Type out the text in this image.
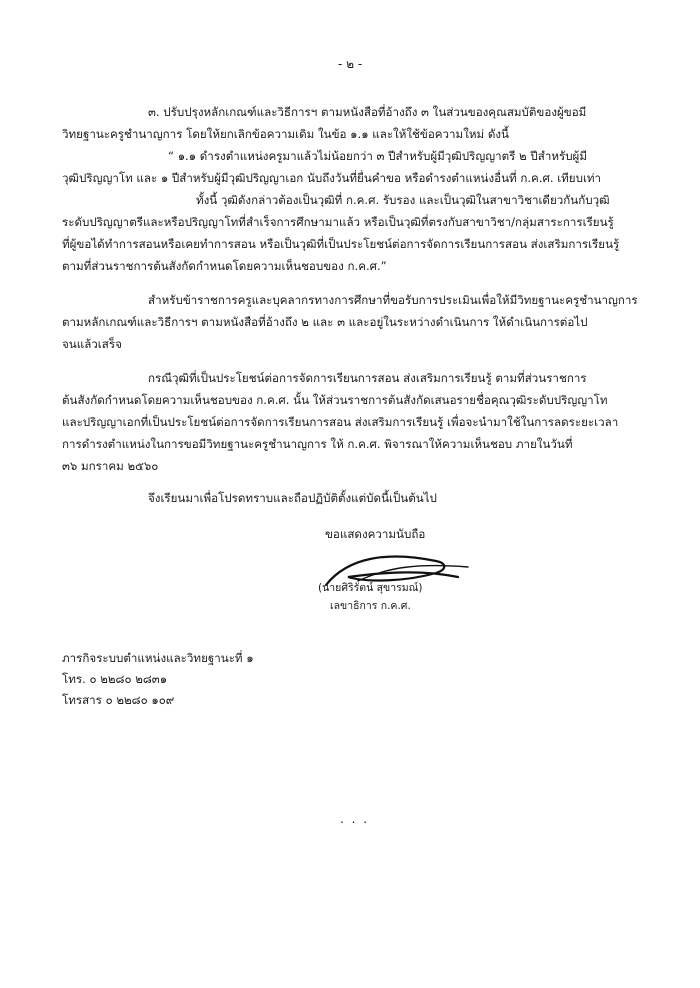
- ๒ -
๓. ปรับปรุงหลักเกณฑ์และวิธีการฯ ตามหนังสือที่อ้างถึง ๓ ในส่วนของคุณสมบัติของผู้ขอมี
วิทยฐานะครูชำนาญการ โดยให้ยกเลิกข้อความเดิม ในข้อ ๑.๑ และให้ใช้ข้อความใหม่ ดังนี้
“ ๑.๑ ดำรงตำแหน่งครูมาแล้วไม่น้อยกว่า ๓ ปีสำหรับผู้มีวุฒิปริญญาตรี ๒ ปีสำหรับผู้มี
วุฒิปริญญาโท และ ๑ ปีสำหรับผู้มีวุฒิปริญญาเอก นับถึงวันที่ยื่นคำขอ หรือดำรงตำแหน่งอื่นที่ ก.ค.ศ. เทียบเท่า
ทั้งนี้ วุฒิดังกล่าวต้องเป็นวุฒิที่ ก.ค.ศ. รับรอง และเป็นวุฒิในสาขาวิชาเดียวกันกับวุฒิ
ระดับปริญญาตรีและหรือปริญญาโทที่สำเร็จการศึกษามาแล้ว หรือเป็นวุฒิที่ตรงกับสาขาวิชา/กลุ่มสาระการเรียนรู้
ที่ผู้ขอได้ทำการสอนหรือเคยทำการสอน หรือเป็นวุฒิที่เป็นประโยชน์ต่อการจัดการเรียนการสอน ส่งเสริมการเรียนรู้
ตามที่ส่วนราชการต้นสังกัดกำหนดโดยความเห็นชอบของ ก.ค.ศ.”
สำหรับข้าราชการครูและบุคลากรทางการศึกษาที่ขอรับการประเมินเพื่อให้มีวิทยฐานะครูชำนาญการ
ตามหลักเกณฑ์และวิธีการฯ ตามหนังสือที่อ้างถึง ๒ และ ๓ และอยู่ในระหว่างดำเนินการ ให้ดำเนินการต่อไป
จนแล้วเสร็จ
กรณีวุฒิที่เป็นประโยชน์ต่อการจัดการเรียนการสอน ส่งเสริมการเรียนรู้ ตามที่ส่วนราชการ
ต้นสังกัดกำหนดโดยความเห็นชอบของ ก.ค.ศ. นั้น ให้ส่วนราชการต้นสังกัดเสนอรายชื่อคุณวุฒิระดับปริญญาโท
และปริญญาเอกที่เป็นประโยชน์ต่อการจัดการเรียนการสอน ส่งเสริมการเรียนรู้ เพื่อจะนำมาใช้ในการลดระยะเวลา
การดำรงตำแหน่งในการขอมีวิทยฐานะครูชำนาญการ ให้ ก.ค.ศ. พิจารณาให้ความเห็นชอบ ภายในวันที่
๓๖ มกราคม ๒๕๖๐
จึงเรียนมาเพื่อโปรดทราบและถือปฏิบัติตั้งแต่บัดนี้เป็นต้นไป
ขอแสดงความนับถือ
(นายศิริรัตน์ สุขารมณ์)
เลขาธิการ ก.ค.ศ.
ภารกิจระบบตำแหน่งและวิทยฐานะที่ ๑
โทร. ๐ ๒๒๘๐ ๒๘๓๑
โทรสาร ๐ ๒๒๘๐ ๑๐๙
. . .
